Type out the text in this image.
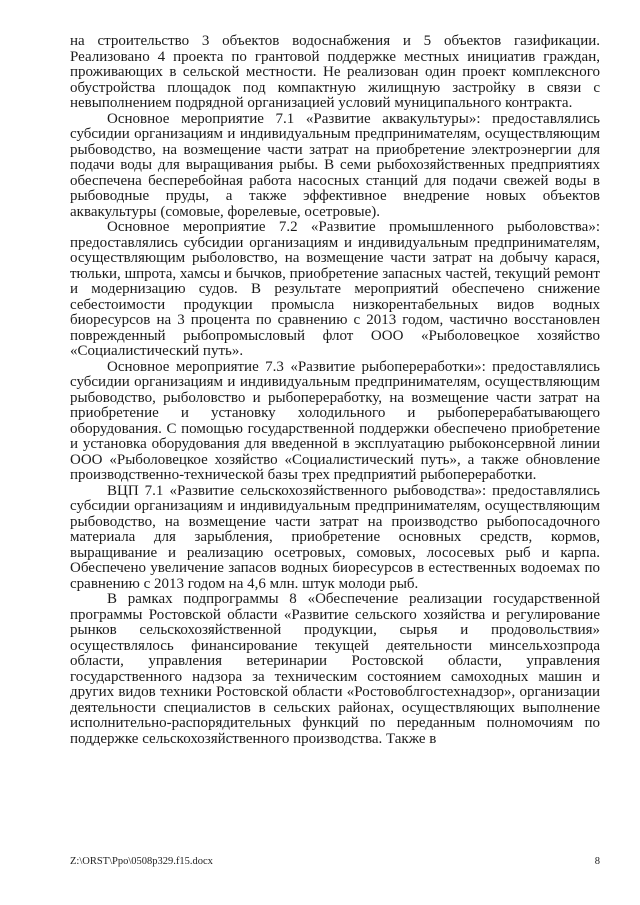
на строительство 3 объектов водоснабжения и 5 объектов газификации. Реализовано 4 проекта по грантовой поддержке местных инициатив граждан, проживающих в сельской местности. Не реализован один проект комплексного обустройства площадок под компактную жилищную застройку в связи с невыполнением подрядной организацией условий муниципального контракта.

Основное мероприятие 7.1 «Развитие аквакультуры»: предоставлялись субсидии организациям и индивидуальным предпринимателям, осуществляющим рыбоводство, на возмещение части затрат на приобретение электроэнергии для подачи воды для выращивания рыбы. В семи рыбохозяйственных предприятиях обеспечена бесперебойная работа насосных станций для подачи свежей воды в рыбоводные пруды, а также эффективное внедрение новых объектов аквакультуры (сомовые, форелевые, осетровые).

Основное мероприятие 7.2 «Развитие промышленного рыболовства»: предоставлялись субсидии организациям и индивидуальным предпринимателям, осуществляющим рыболовство, на возмещение части затрат на добычу карася, тюльки, шпрота, хамсы и бычков, приобретение запасных частей, текущий ремонт и модернизацию судов. В результате мероприятий обеспечено снижение себестоимости продукции промысла низкорентабельных видов водных биоресурсов на 3 процента по сравнению с 2013 годом, частично восстановлен поврежденный рыбопромысловый флот ООО «Рыболовецкое хозяйство «Социалистический путь».

Основное мероприятие 7.3 «Развитие рыбопереработки»: предоставлялись субсидии организациям и индивидуальным предпринимателям, осуществляющим рыбоводство, рыболовство и рыбопереработку, на возмещение части затрат на приобретение и установку холодильного и рыбоперерабатывающего оборудования. С помощью государственной поддержки обеспечено приобретение и установка оборудования для введенной в эксплуатацию рыбоконсервной линии ООО «Рыболовецкое хозяйство «Социалистический путь», а также обновление производственно-технической базы трех предприятий рыбопереработки.

ВЦП 7.1 «Развитие сельскохозяйственного рыбоводства»: предоставлялись субсидии организациям и индивидуальным предпринимателям, осуществляющим рыбоводство, на возмещение части затрат на производство рыбопосадочного материала для зарыбления, приобретение основных средств, кормов, выращивание и реализацию осетровых, сомовых, лососевых рыб и карпа. Обеспечено увеличение запасов водных биоресурсов в естественных водоемах по сравнению с 2013 годом на 4,6 млн. штук молоди рыб.

В рамках подпрограммы 8 «Обеспечение реализации государственной программы Ростовской области «Развитие сельского хозяйства и регулирование рынков сельскохозяйственной продукции, сырья и продовольствия» осуществлялось финансирование текущей деятельности минсельхозпрода области, управления ветеринарии Ростовской области, управления государственного надзора за техническим состоянием самоходных машин и других видов техники Ростовской области «Ростовоблгостехнадзор», организации деятельности специалистов в сельских районах, осуществляющих выполнение исполнительно-распорядительных функций по переданным полномочиям по поддержке сельскохозяйственного производства. Также в

Z:\ORST\Ppo\0508p329.f15.docx	8
